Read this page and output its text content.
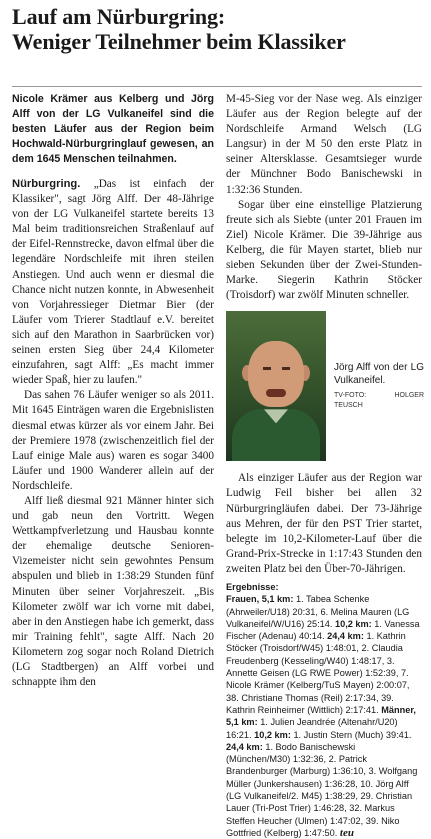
Lauf am Nürburgring:
Weniger Teilnehmer beim Klassiker

Nicole Krämer aus Kelberg und Jörg Alff von der LG Vulkaneifel sind die besten Läufer aus der Region beim Hochwald-Nürburgringlauf gewesen, an dem 1645 Menschen teilnahmen.

Nürburgring. „Das ist einfach der Klassiker", sagt Jörg Alff. Der 48-Jährige von der LG Vulkaneifel startete bereits 13 Mal beim traditionsreichen Straßenlauf auf der Eifel-Rennstrecke, davon elfmal über die legendäre Nordschleife mit ihren steilen Anstiegen. Und auch wenn er diesmal die Chance nicht nutzen konnte, in Abwesenheit von Vorjahressieger Dietmar Bier (der Läufer vom Trierer Stadtlauf e.V. bereitet sich auf den Marathon in Saarbrücken vor) seinen ersten Sieg über 24,4 Kilometer einzufahren, sagt Alff: „Es macht immer wieder Spaß, hier zu laufen."

Das sahen 76 Läufer weniger so als 2011. Mit 1645 Einträgen waren die Ergebnislisten diesmal etwas kürzer als vor einem Jahr. Bei der Premiere 1978 (zwischenzeitlich fiel der Lauf einige Male aus) waren es sogar 3400 Läufer und 1900 Wanderer allein auf der Nordschleife.

Alff ließ diesmal 921 Männer hinter sich und gab neun den Vortritt. Wegen Wettkampfverletzung und Hausbau konnte der ehemalige deutsche Senioren-Vizemeister nicht sein gewohntes Pensum abspulen und blieb in 1:38:29 Stunden fünf Minuten über seiner Vorjahreszeit. „Bis Kilometer zwölf war ich vorne mit dabei, aber in den Anstiegen habe ich gemerkt, dass mir Training fehlt", sagte Alff. Nach 20 Kilometern zog sogar noch Roland Dietrich (LG Stadtbergen) an Alff vorbei und schnappte ihm den

M-45-Sieg vor der Nase weg. Als einziger Läufer aus der Region belegte auf der Nordschleife Armand Welsch (LG Langsur) in der M 50 den erste Platz in seiner Altersklasse. Gesamtsieger wurde der Münchner Bodo Banischewski in 1:32:36 Stunden.

Sogar über eine einstellige Platzierung freute sich als Siebte (unter 201 Frauen im Ziel) Nicole Krämer. Die 39-Jährige aus Kelberg, die für Mayen startet, blieb nur sieben Sekunden über der Zwei-Stunden-Marke. Siegerin Kathrin Stöcker (Troisdorf) war zwölf Minuten schneller.

Jörg Alff von der LG Vulkaneifel.
TV-FOTO: HOLGER TEUSCH

Als einziger Läufer aus der Region war Ludwig Feil bisher bei allen 32 Nürburgringläufen dabei. Der 73-Jährige aus Mehren, der für den PST Trier startet, belegte im 10,2-Kilometer-Lauf über die Grand-Prix-Strecke in 1:17:43 Stunden den zweiten Platz bei den Über-70-Jährigen.

Ergebnisse:
Frauen, 5,1 km: 1. Tabea Schenke (Ahrweiler/U18) 20:31, 6. Melina Mauren (LG Vulkaneifel/W/U16) 25:14. 10,2 km: 1. Vanessa Fischer (Adenau) 40:14. 24,4 km: 1. Kathrin Stöcker (Troisdorf/W45) 1:48:01, 2. Claudia Freudenberg (Kesseling/W40) 1:48:17, 3. Annette Geisen (LG RWE Power) 1:52:39, 7. Nicole Krämer (Kelberg/TuS Mayen) 2:00:07, 38. Christiane Thomas (Reil) 2:17:34, 39. Kathrin Reinheimer (Wittlich) 2:17:41. Männer, 5,1 km: 1. Julien Jeandrée (Altenahr/U20) 16:21. 10,2 km: 1. Justin Stern (Much) 39:41. 24,4 km: 1. Bodo Banischewski (München/M30) 1:32:36, 2. Patrick Brandenburger (Marburg) 1:36:10, 3. Wolfgang Müller (Junkershausen) 1:36:28, 10. Jörg Alff (LG Vulkaneifel/2. M45) 1:38:29, 29. Christian Lauer (Tri-Post Trier) 1:46:28, 32. Markus Steffen Heucher (Ulmen) 1:47:02, 39. Niko Gottfried (Kelberg) 1:47:50. teu
